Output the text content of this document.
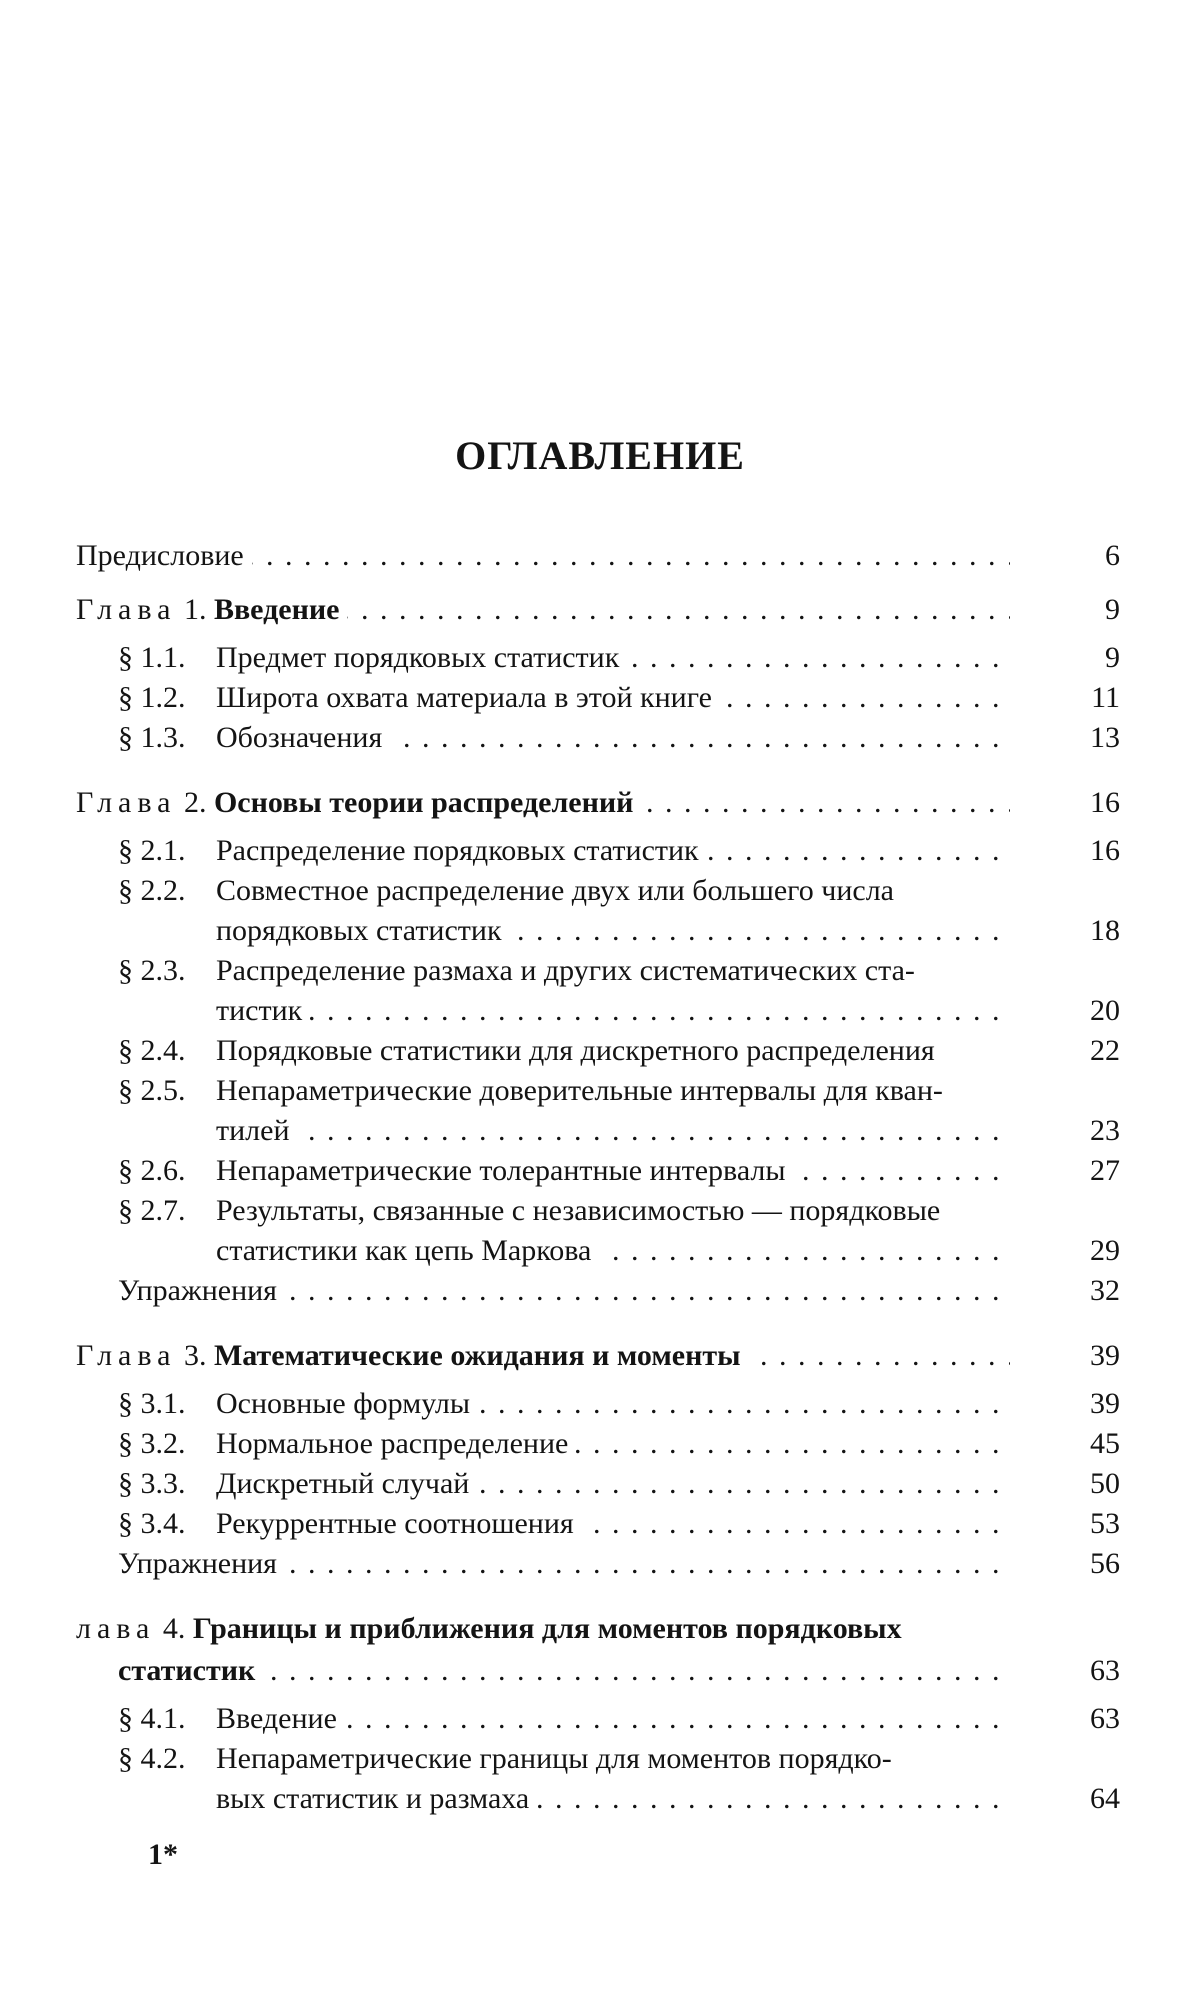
ОГЛАВЛЕНИЕ
Предисловие . . .	6
Глава 1. Введение . . .	9
§ 1.1. Предмет порядковых статистик . . .	9
§ 1.2. Широта охвата материала в этой книге . . .	11
§ 1.3. Обозначения . . .	13
Глава 2. Основы теории распределений . . .	16
§ 2.1. Распределение порядковых статистик . . .	16
§ 2.2. Совместное распределение двух или большего числа
порядковых статистик . . .	18
§ 2.3. Распределение размаха и других систематических ста-
тистик . . .	20
§ 2.4. Порядковые статистики для дискретного распределения	22
§ 2.5. Непараметрические доверительные интервалы для кван-
тилей . . .	23
§ 2.6. Непараметрические толерантные интервалы . . .	27
§ 2.7. Результаты, связанные с независимостью — порядковые
статистики как цепь Маркова . . .	29
Упражнения . . .	32
Глава 3. Математические ожидания и моменты . . .	39
§ 3.1. Основные формулы . . .	39
§ 3.2. Нормальное распределение . . .	45
§ 3.3. Дискретный случай . . .	50
§ 3.4. Рекуррентные соотношения . . .	53
Упражнения . . .	56
лава 4. Границы и приближения для моментов порядковых
статистик . . .	63
§ 4.1. Введение . . .	63
§ 4.2. Непараметрические границы для моментов порядко-
вых статистик и размаха . . .	64
1*
